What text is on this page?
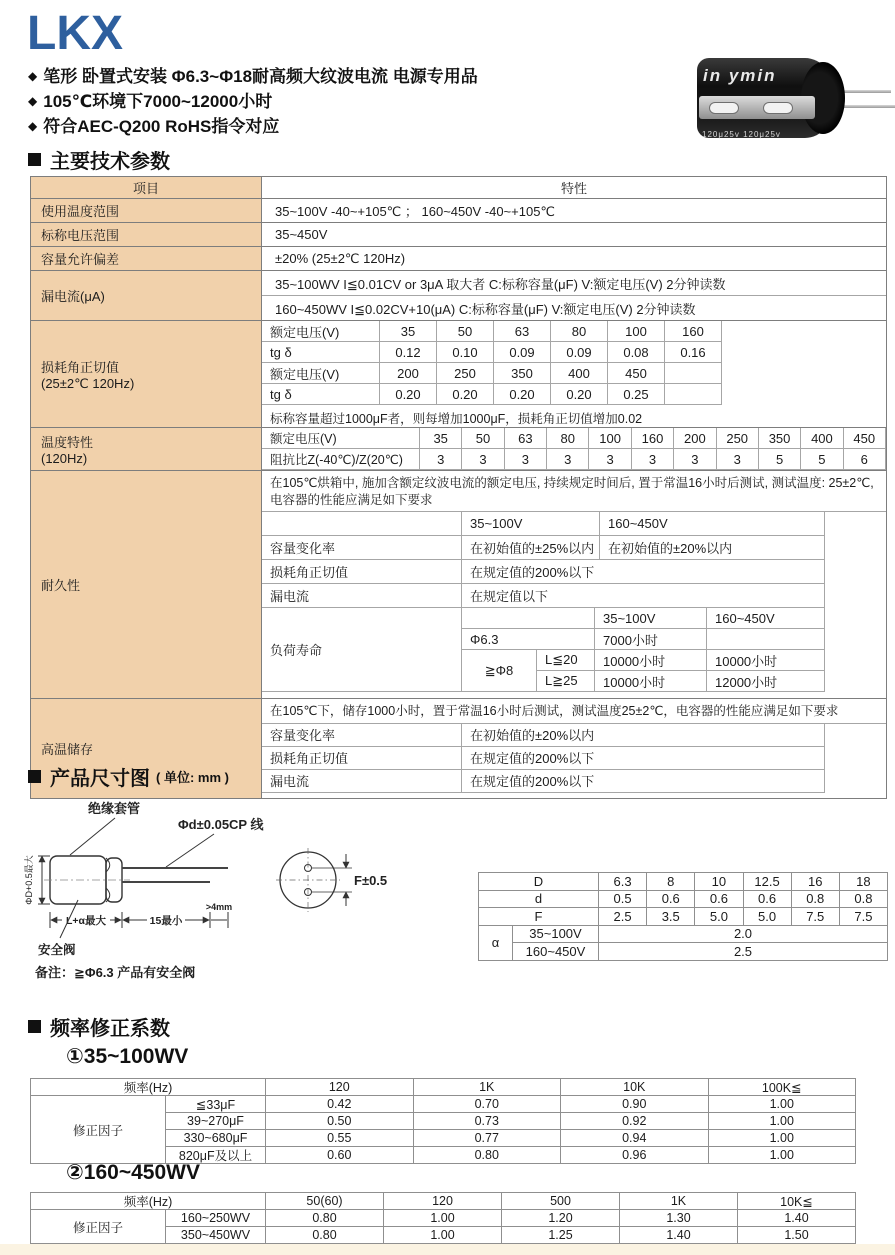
LKX
◆ 笔形 卧置式安装 Φ6.3~Φ18耐高频大纹波电流 电源专用品
◆ 105℃环境下7000~12000小时
◆ 符合AEC-Q200 RoHS指令对应
in ymin
120μ25v 120μ25v
主要技术参数
项目	特性
使用温度范围	35~100V -40~+105℃ ； 160~450V -40~+105℃
标称电压范围	35~450V
容量允许偏差	±20% (25±2℃ 120Hz)
漏电流(μA)
35~100WV I≦0.01CV or 3μA 取大者 C:标称容量(μF) V:额定电压(V) 2分钟读数
160~450WV I≦0.02CV+10(μA) C:标称容量(μF) V:额定电压(V) 2分钟读数
损耗角正切值
(25±2℃ 120Hz)
额定电压(V)	35	50	63	80	100	160
tg δ	0.12	0.10	0.09	0.09	0.08	0.16
额定电压(V)	200	250	350	400	450
tg δ	0.20	0.20	0.20	0.20	0.25
标称容量超过1000μF者，则每增加1000μF，损耗角正切值增加0.02
温度特性
(120Hz)
额定电压(V)	35	50	63	80	100	160	200	250	350	400	450
阻抗比Z(-40℃)/Z(20℃)	3	3	3	3	3	3	3	3	5	5	6
耐久性
在105℃烘箱中, 施加含额定纹波电流的额定电压, 持续规定时间后, 置于常温16小时后测试, 测试温度: 25±2℃, 电容器的性能应满足如下要求
35~100V	160~450V
容量变化率	在初始值的±25%以内	在初始值的±20%以内
损耗角正切值	在规定值的200%以下
漏电流	在规定值以下
负荷寿命
35~100V	160~450V
Φ6.3	7000小时
≧Φ8
L≦20	10000小时	10000小时
L≧25	10000小时	12000小时
高温储存
在105℃下，储存1000小时，置于常温16小时后测试，测试温度25±2℃，电容器的性能应满足如下要求
容量变化率	在初始值的±20%以内
损耗角正切值	在规定值的200%以下
漏电流	在规定值的200%以下
产品尺寸图 ( 单位: mm )
绝缘套管
Φd±0.05CP 线
ΦD+0.5最大
L+α最大	15最小
>4mm
安全阀
F±0.5
备注：≧Φ6.3 产品有安全阀
D	6.3	8	10	12.5	16	18
d	0.5	0.6	0.6	0.6	0.8	0.8
F	2.5	3.5	5.0	5.0	7.5	7.5
α
35~100V	2.0
160~450V	2.5
频率修正系数
①35~100WV
频率(Hz)	120	1K	10K	100K≦
修正因子
≦33μF	0.42	0.70	0.90	1.00
39~270μF	0.50	0.73	0.92	1.00
330~680μF	0.55	0.77	0.94	1.00
820μF及以上	0.60	0.80	0.96	1.00
②160~450WV
频率(Hz)	50(60)	120	500	1K	10K≦
修正因子
160~250WV	0.80	1.00	1.20	1.30	1.40
350~450WV	0.80	1.00	1.25	1.40	1.50
